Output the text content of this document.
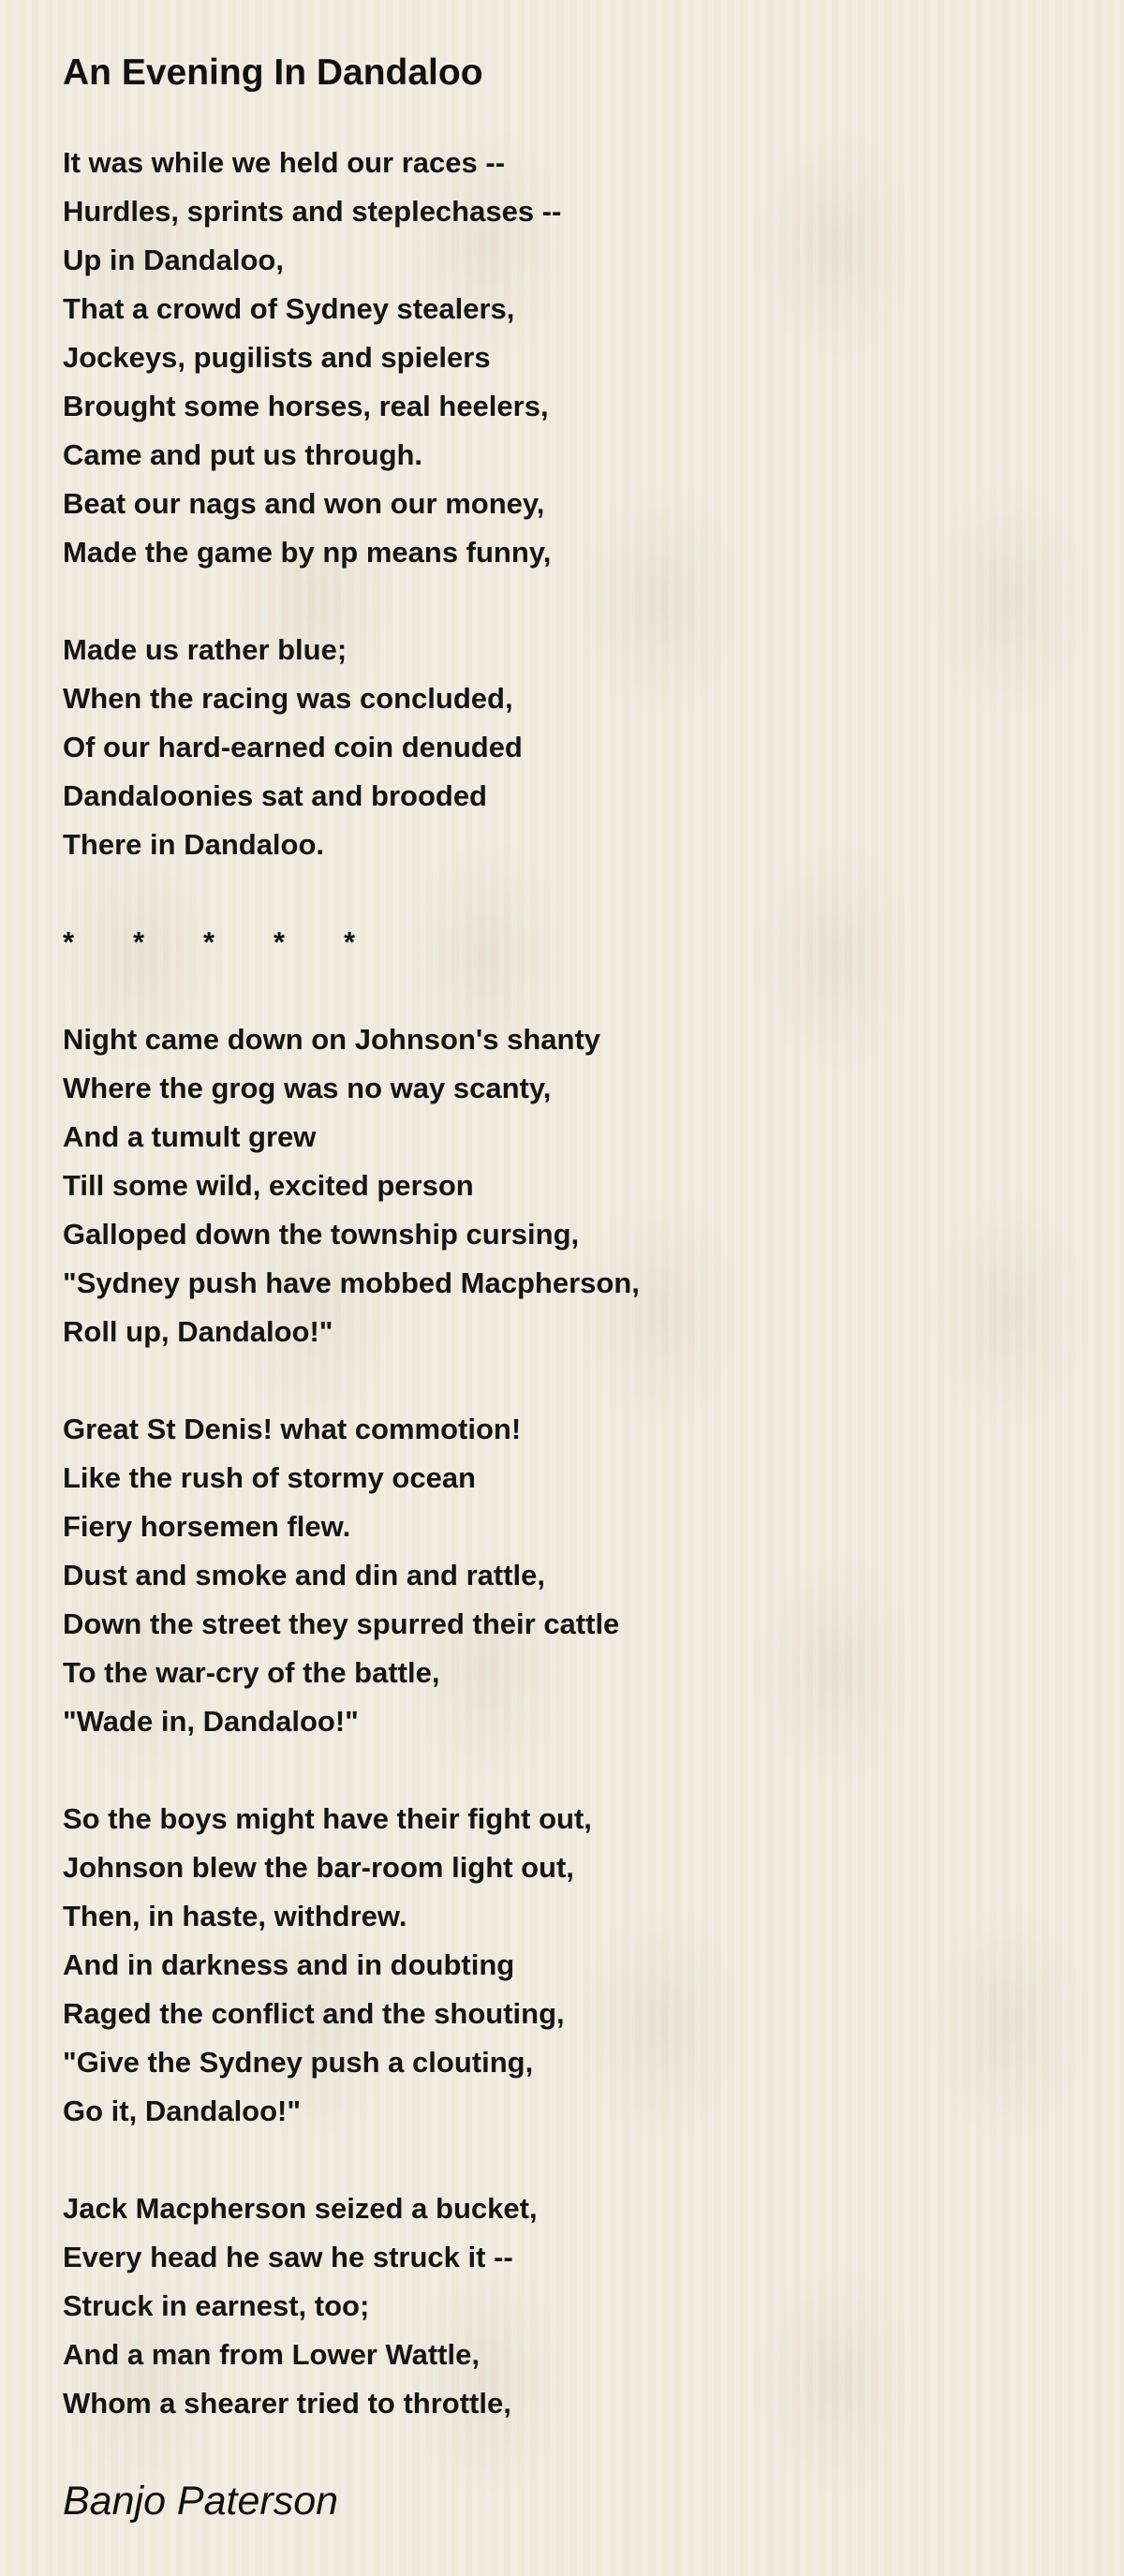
An Evening In Dandaloo
It was while we held our races --
Hurdles, sprints and steplechases --
Up in Dandaloo,
That a crowd of Sydney stealers,
Jockeys, pugilists and spielers
Brought some horses, real heelers,
Came and put us through.
Beat our nags and won our money,
Made the game by np means funny,
Made us rather blue;
When the racing was concluded,
Of our hard-earned coin denuded
Dandaloonies sat and brooded
There in Dandaloo.
*	*	*	*	*
Night came down on Johnson's shanty
Where the grog was no way scanty,
And a tumult grew
Till some wild, excited person
Galloped down the township cursing,
"Sydney push have mobbed Macpherson,
Roll up, Dandaloo!"
Great St Denis! what commotion!
Like the rush of stormy ocean
Fiery horsemen flew.
Dust and smoke and din and rattle,
Down the street they spurred their cattle
To the war-cry of the battle,
"Wade in, Dandaloo!"
So the boys might have their fight out,
Johnson blew the bar-room light out,
Then, in haste, withdrew.
And in darkness and in doubting
Raged the conflict and the shouting,
"Give the Sydney push a clouting,
Go it, Dandaloo!"
Jack Macpherson seized a bucket,
Every head he saw he struck it --
Struck in earnest, too;
And a man from Lower Wattle,
Whom a shearer tried to throttle,
Banjo Paterson
